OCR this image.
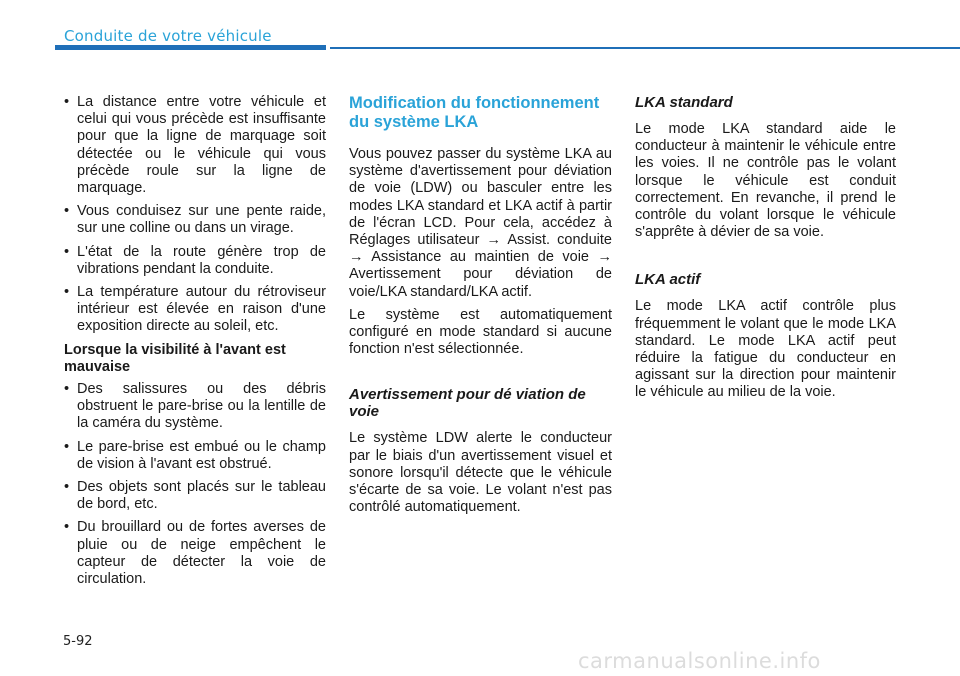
Conduite de votre véhicule
• La distance entre votre véhicule et celui qui vous précède est insuffisante pour que la ligne de marquage soit détectée ou le véhicule qui vous précède roule sur la ligne de marquage.
• Vous conduisez sur une pente raide, sur une colline ou dans un virage.
• L'état de la route génère trop de vibrations pendant la conduite.
• La température autour du rétroviseur intérieur est élevée en raison d'une exposition directe au soleil, etc.
Lorsque la visibilité à l'avant est mauvaise
• Des salissures ou des débris obstruent le pare-brise ou la lentille de la caméra du système.
• Le pare-brise est embué ou le champ de vision à l'avant est obstrué.
• Des objets sont placés sur le tableau de bord, etc.
• Du brouillard ou de fortes averses de pluie ou de neige empêchent le capteur de détecter la voie de circulation.
Modification du fonctionnement du système LKA

Vous pouvez passer du système LKA au système d'avertissement pour déviation de voie (LDW) ou basculer entre les modes LKA standard et LKA actif à partir de l'écran LCD. Pour cela, accédez à Réglages utilisateur → Assist. conduite → Assistance au maintien de voie → Avertissement pour déviation de voie/LKA standard/LKA actif.

Le système est automatiquement configuré en mode standard si aucune fonction n'est sélectionnée.

Avertissement pour dé viation de voie

Le système LDW alerte le conducteur par le biais d'un avertissement visuel et sonore lorsqu'il détecte que le véhicule s'écarte de sa voie. Le volant n'est pas contrôlé automatiquement.

LKA standard

Le mode LKA standard aide le conducteur à maintenir le véhicule entre les voies. Il ne contrôle pas le volant lorsque le véhicule est conduit correctement. En revanche, il prend le contrôle du volant lorsque le véhicule s'apprête à dévier de sa voie.

LKA actif

Le mode LKA actif contrôle plus fréquemment le volant que le mode LKA standard. Le mode LKA actif peut réduire la fatigue du conducteur en agissant sur la direction pour maintenir le véhicule au milieu de la voie.

5-92
carmanualsonline.info
